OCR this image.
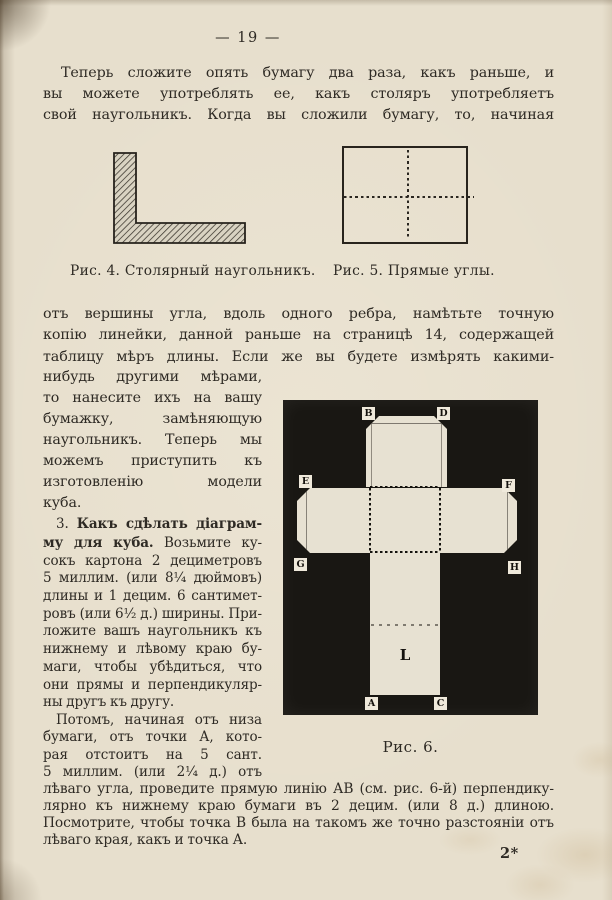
— 19 —
Теперь сложите опять бумагу два раза, какъ раньше, и
вы можете употреблять ее, какъ столяръ употребляетъ
свой наугольникъ. Когда вы сложили бумагу, то, начиная
Рис. 4. Столярный наугольникъ. Рис. 5. Прямые углы.
отъ вершины угла, вдоль одного ребра, намѣтьте точную
копію линейки, данной раньше на страницѣ 14, содержащей
таблицу мѣръ длины. Если же вы будете измѣрять какими-
нибудь другими мѣрами,
то нанесите ихъ на вашу
бумажку, замѣняющую
наугольникъ. Теперь мы
можемъ приступить къ
изготовленію модели
куба.
3. Какъ сдѣлать діаграм-
му для куба. Возьмите ку-
сокъ картона 2 дециметровъ
5 миллим. (или 8¹⁄₄ дюймовъ)
длины и 1 децим. 6 сантимет-
ровъ (или 6¹⁄₂ д.) ширины. При-
ложите вашъ наугольникъ къ
нижнему и лѣвому краю бу-
маги, чтобы убѣдиться, что
они прямы и перпендикуляр-
ны другъ къ другу.
Потомъ, начиная отъ низа
бумаги, отъ точки А, кото-
рая отстоитъ на 5 сант.
5 миллим. (или 2¹⁄₄ д.) отъ
B	D
E	F
G	H
A	C
L
Рис. 6.
лѣваго угла, проведите прямую линію АВ (см. рис. 6-й) перпендику-
лярно къ нижнему краю бумаги въ 2 децим. (или 8 д.) длиною.
Посмотрите, чтобы точка В была на такомъ же точно разстояніи отъ
лѣваго края, какъ и точка А.
2*
